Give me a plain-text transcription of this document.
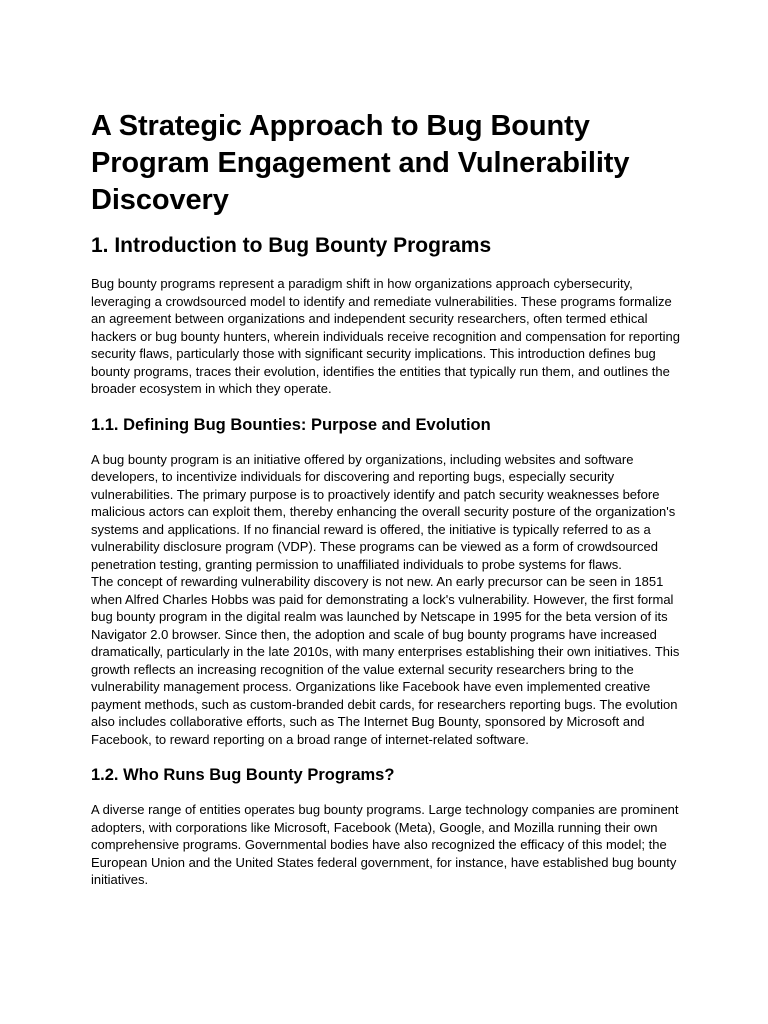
A Strategic Approach to Bug Bounty Program Engagement and Vulnerability Discovery
1. Introduction to Bug Bounty Programs

Bug bounty programs represent a paradigm shift in how organizations approach cybersecurity, leveraging a crowdsourced model to identify and remediate vulnerabilities. These programs formalize an agreement between organizations and independent security researchers, often termed ethical hackers or bug bounty hunters, wherein individuals receive recognition and compensation for reporting security flaws, particularly those with significant security implications. This introduction defines bug bounty programs, traces their evolution, identifies the entities that typically run them, and outlines the broader ecosystem in which they operate.

1.1. Defining Bug Bounties: Purpose and Evolution

A bug bounty program is an initiative offered by organizations, including websites and software developers, to incentivize individuals for discovering and reporting bugs, especially security vulnerabilities. The primary purpose is to proactively identify and patch security weaknesses before malicious actors can exploit them, thereby enhancing the overall security posture of the organization's systems and applications. If no financial reward is offered, the initiative is typically referred to as a vulnerability disclosure program (VDP). These programs can be viewed as a form of crowdsourced penetration testing, granting permission to unaffiliated individuals to probe systems for flaws.

The concept of rewarding vulnerability discovery is not new. An early precursor can be seen in 1851 when Alfred Charles Hobbs was paid for demonstrating a lock's vulnerability. However, the first formal bug bounty program in the digital realm was launched by Netscape in 1995 for the beta version of its Navigator 2.0 browser. Since then, the adoption and scale of bug bounty programs have increased dramatically, particularly in the late 2010s, with many enterprises establishing their own initiatives. This growth reflects an increasing recognition of the value external security researchers bring to the vulnerability management process. Organizations like Facebook have even implemented creative payment methods, such as custom-branded debit cards, for researchers reporting bugs. The evolution also includes collaborative efforts, such as The Internet Bug Bounty, sponsored by Microsoft and Facebook, to reward reporting on a broad range of internet-related software.

1.2. Who Runs Bug Bounty Programs?

A diverse range of entities operates bug bounty programs. Large technology companies are prominent adopters, with corporations like Microsoft, Facebook (Meta), Google, and Mozilla running their own comprehensive programs. Governmental bodies have also recognized the efficacy of this model; the European Union and the United States federal government, for instance, have established bug bounty initiatives.
